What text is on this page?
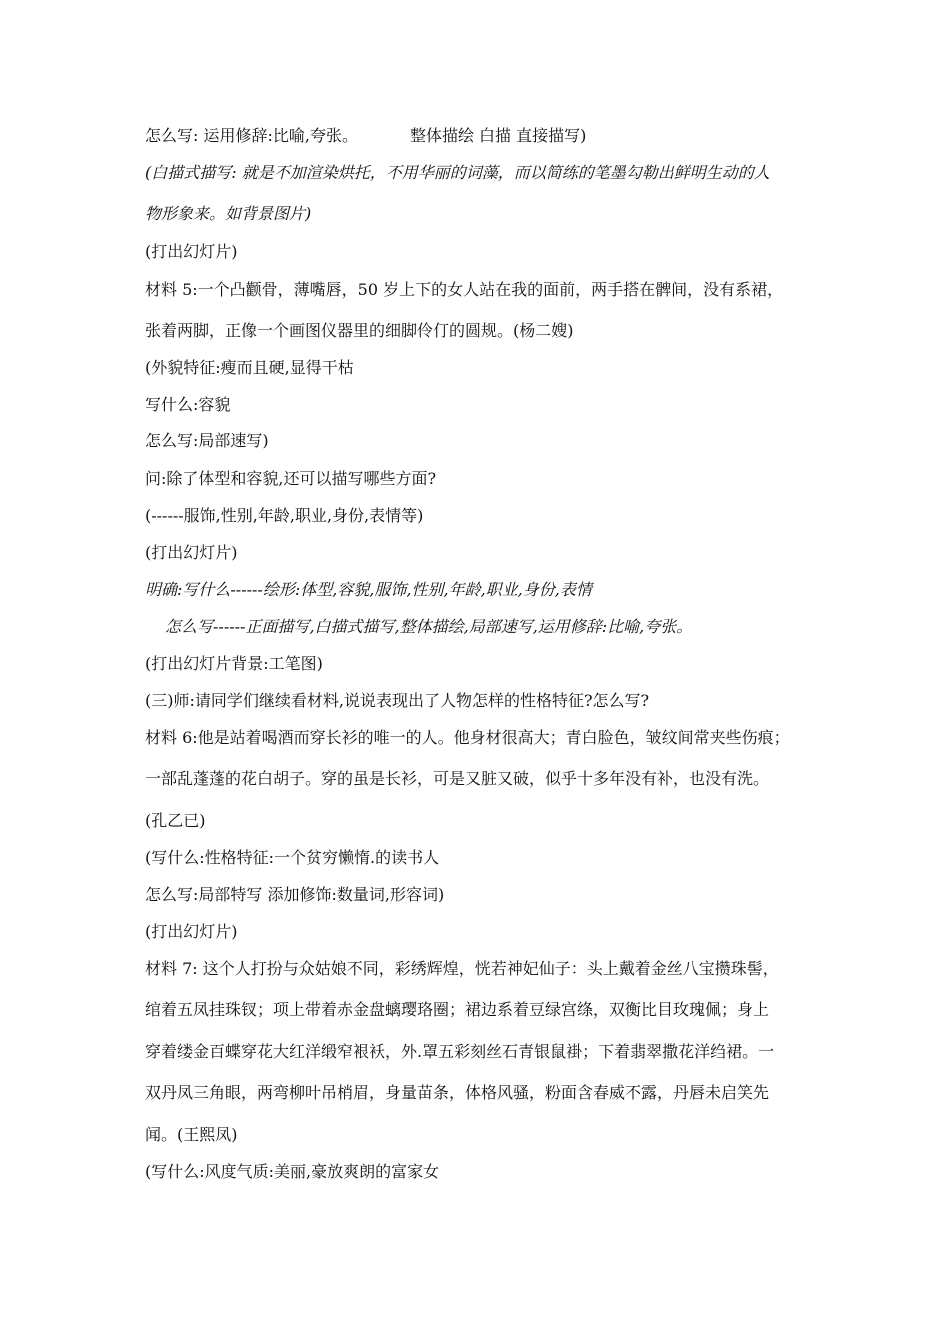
怎么写: 运用修辞:比喻,夸张。	整体描绘 白描 直接描写)
(白描式描写: 就是不加渲染烘托，不用华丽的词藻，而以简练的笔墨勾勒出鲜明生动的人
物形象来。如背景图片)
(打出幻灯片)
材料 5:一个凸颧骨，薄嘴唇，50 岁上下的女人站在我的面前，两手搭在髀间，没有系裙，
张着两脚，正像一个画图仪器里的细脚伶仃的圆规。(杨二嫂)
(外貌特征:瘦而且硬,显得干枯
写什么:容貌
怎么写:局部速写)
问:除了体型和容貌,还可以描写哪些方面?
(------服饰,性别,年龄,职业,身份,表情等)
(打出幻灯片)
明确:写什么------绘形:体型,容貌,服饰,性别,年龄,职业,身份,表情
怎么写------正面描写,白描式描写,整体描绘,局部速写,运用修辞:比喻,夸张。
(打出幻灯片背景:工笔图)
(三)师:请同学们继续看材料,说说表现出了人物怎样的性格特征?怎么写?
材料 6:他是站着喝酒而穿长衫的唯一的人。他身材很高大；青白脸色，皱纹间常夹些伤痕；
一部乱蓬蓬的花白胡子。穿的虽是长衫，可是又脏又破，似乎十多年没有补，也没有洗。
(孔乙已)
(写什么:性格特征:一个贫穷懒惰.的读书人
怎么写:局部特写 添加修饰:数量词,形容词)
(打出幻灯片)
材料 7: 这个人打扮与众姑娘不同，彩绣辉煌，恍若神妃仙子：头上戴着金丝八宝攒珠髻，
绾着五凤挂珠钗；项上带着赤金盘螭璎珞圈；裙边系着豆绿宫绦，双衡比目玫瑰佩；身上
穿着缕金百蝶穿花大红洋缎窄裉袄，外.罩五彩刻丝石青银鼠褂；下着翡翠撒花洋绉裙。一
双丹凤三角眼，两弯柳叶吊梢眉，身量苗条，体格风骚，粉面含春威不露，丹唇未启笑先
闻。(王熙凤)
(写什么:风度气质:美丽,豪放爽朗的富家女
